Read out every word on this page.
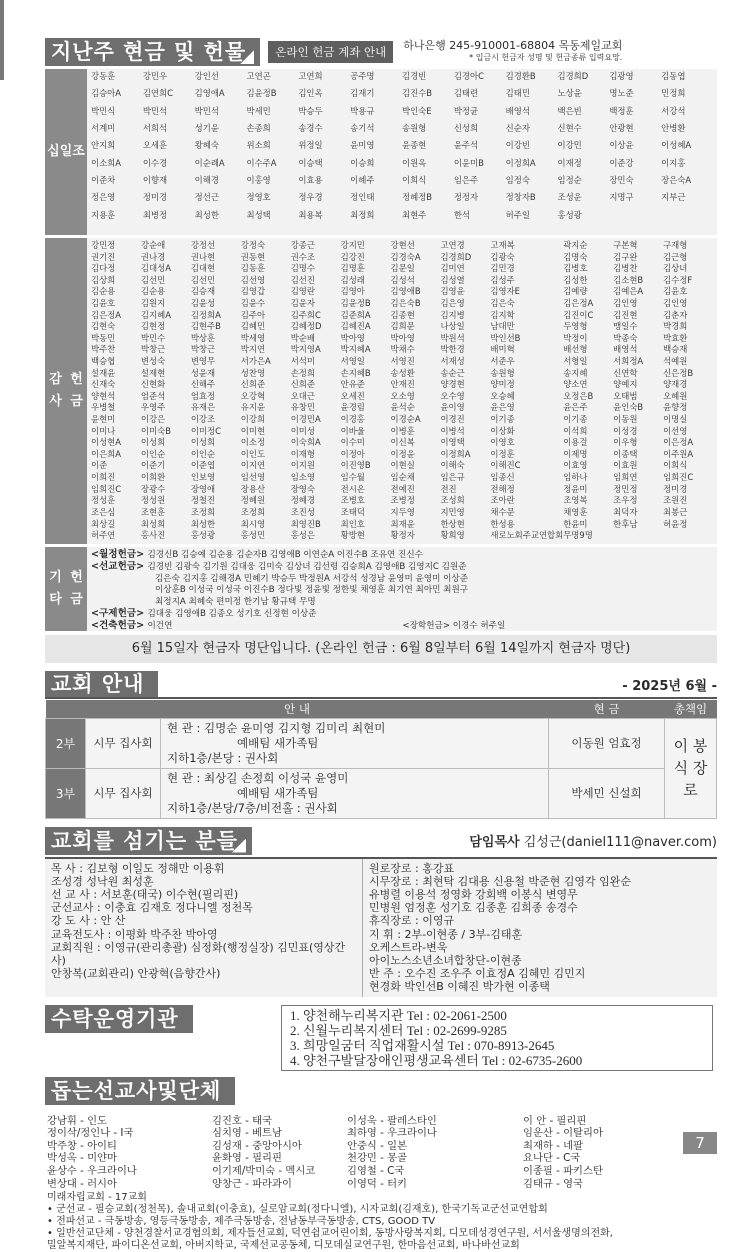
지난주 현금 및 헌물	온라인 헌금 계좌 안내	하나은행 245-910001-68804 목동제일교회
* 입금시 헌금자 성명 및 헌금종류 입력요망.
십일조
강동훈	강민우	강인선	고연곤	고연희	공주명	김경빈	김경아C	김경환B	김경희D	김광영	김동엽
김승아A	김연희C	김영애A	김윤정B	김인옥	김재기	김진수B	김태련	김태민	노상윤	명노준	민정희
박민식	박민석	박민석	박세민	박승두	박용규	박인숙E	박정균	배영석	백은빈	백정훈	서강석
서계미	서희석	성기윤	손종희	송경수	송기석	송원형	신성희	신순자	신현수	안광현	안병환
안지희	오세훈	왕혜숙	위소희	위정일	윤미영	윤종현	윤주석	이강빈	이강민	이상윤	이성혜A
이소희A	이수경	이순례A	이수주A	이승택	이승희	이원옥	이윤미B	이정희A	이재정	이준강	이지홍
이준차	이향재	이해경	이홍영	이효용	이혜주	이희식	임은주	임정숙	임정순	장민숙	장은숙A
정은영	정미경	정선근	정영호	정우경	정인태	정혜정B	정정자	정창자B	조성운	지명구	지부근
지용훈	최병정	최성한	최성택	최용복	최정희	최현주	한석	허주일	홍성광
감사
헌금
강민정	강순애	강정선	강정숙	강종근	강지민	강현선	고연경	고재복	곽지순	구본혁	구재형
권기진	권나경	권나현	권동현	권수조	김강진	김경숙A	김경희D	김광숙	김명숙	김구완	김근형
김다정	김대성A	김대현	김동훈	김명수	김명훈	김문일	김미연	김민경	김병호	김병찬	김상녀
김상희	김선민	김선민	김선영	김선진	김성래	김성석	김성열	김성주	김성한	김소현B	김수정F
김순용	김순용	김승재	김영갑	김영란	김영아	김영애B	김영윤	김영자E	김예량	김예은A	김윤호
김윤호	김원지	김윤성	김윤수	김윤자	김윤정B	김은숙B	김은영	김은숙	김은정A	김인영	김인영
김은정A	김지혜A	김정희A	김주아	김주희C	김준희A	김종현	김지병	김지학	김진이C	김진현	김춘자
김현숙	김현정	김현주B	김혜민	김혜정D	김혜진A	김희문	나상일	남대만	두영형	맹일수	박경희
박동민	박민수	박상훈	박세영	박순배	박아영	박아영	박원석	박인선B	박정이	박종숙	박효환
박주찬	박창근	박창근	박지연	박지영A	박지혜A	박채수	박한경	배미혁	배선형	배영석	백승재
백승협	변성숙	변영무	서가은A	서석미	서영일	서영진	서재성	서준우	서형일	서희정A	석예원
설재윤	설재현	성윤재	성찬영	손정희	손지혜B	송성환	송순근	송원형	송지혜	신연학	신은정B
신재숙	신현화	신해주	신희준	신희준	안유준	안재진	양경현	양미정	양소연	양예지	양재경
양현석	엄준석	엄효정	오강혁	오대근	오세진	오소영	오수영	오승혜	오정은B	오태범	오혜원
우병철	우영주	유재은	유지윤	유창민	윤경림	윤석순	윤이영	윤은영	윤은주	윤인숙B	윤향정
윤현미	이강은	이강조	이강희	이경민A	이경홍	이경순A	이경진	이기종	이기종	이동원	이명실
이미나	이미숙B	이미정C	이미현	이미성	이바울	이병훈	이병석	이상화	이석희	이성경	이선영
이성현A	이성희	이성희	이소정	이숙희A	이수미	이신복	이영택	이영호	이용걸	이우형	이은정A
이은희A	이인순	이인순	이인도	이재형	이정아	이정윤	이정희A	이정훈	이제명	이종택	이주원A
이준	이준기	이준엽	이지연	이지원	이진영B	이현실	이해숙	이해진C	이효영	이효원	이희식
이희진	이희환	인보영	임선영	임소영	임수월	임순채	임은규	임종신	임하나	임희연	임희진C
임희진C	장광수	장영애	장용산	장영숙	전시온	전예진	전진	전해정	정윤미	정민정	정미경
정성훈	정성원	정철진	정혜원	정혜경	조병호	조병정	조성희	조아란	조영복	조우정	조원진
조은심	조현훈	조정희	조정희	조진성	조태덕	지두영	지민영	채수문	채영훈	최덕자	최봉근
최상길	최성희	최성한	최시영	최영진B	최인호	최재윤	한상현	한성용	한윤미	한후남	허윤정
허주연	홍사진	홍성광	홍성민	홍성은	황방현	황정자	황희영	새로노회주교연합회 무명9명
기타
헌금
<월정헌금> 김경신B 김승예 김순용 김순자B 김영애B 이연순A 이진수B 조유연 진신수
<선교헌금> 김경빈 김광숙 김기원 김대웅 김미숙 김상녀 김선령 김승희A 김영애B 김영지C 김원준
김은숙 김지홍 김해경A 민혜기 박승두 박정원A 서강석 성경남 윤영미 윤영미 이상준
이상훈B 이성국 이성국 이진수B 정다빛 정윤빛 정한빛 채영훈 최기연 최아민 최원구
최정지A 최혜숙 편미정 한기남 황규택 무명
<구제헌금> 김대웅 김영애B 김종오 성기호 신정현 이상준
<건축헌금> 이건연	<장학헌금> 이경수 허주일
6월 15일자 현금자 명단입니다. (온라인 헌금 : 6월 8일부터 6월 14일까지 현금자 명단)
교회 안내	- 2025년 6월 -
안 내			현 금	총책임
2부	시무 집사회	현 관 : 김명순 윤미영 김지형 김미리 최현미
예배팀 새가족팀
지하1층/본당 : 권사회	이동원 엄효정	이 봉 식 장 로
3부	시무 집사회	현 관 : 최상길 손정희 이성국 윤영미
예배팀 새가족팀
지하1층/본당/7층/비전홀 : 권사회	박세민 신설희	
교회를 섬기는 분들	담임목사 김성근(daniel111@naver.com)
목 사 : 김보형 이일도 정해만 이용휘
조성경 성낙원 최성훈
선 교 사 : 서보훈(태국) 이수현(필리핀)
군선교사 : 이충효 김재호 정다니엘 정천목
강 도 사 : 안 산
교육전도사 : 이평화 박주찬 박아영
교회직원 : 이영규(관리총괄) 심정화(행정실장) 김민표(영상간사)
안창복(교회관리) 안광혁(음향간사)
원로장로 : 홍강표
시무장로 : 최현탁 김대용 신용철 박준현 김영각 임완순
유병렬 이용석 정영화 강회백 이봉식 변영무
민병원 엄정훈 성기호 김종훈 김희종 송경수
휴직장로 : 이영규
지 휘 : 2부-이현종 / 3부-김태훈
오케스트라-변욱
아이노스소년소녀합창단-이현종
반 주 : 오수진 조우주 이효정A 김혜민 김민지
현경화 박인선B 이혜진 박가현 이종택
수탁운영기관
돕는선교사및단체
1. 양천해누리복지관 Tel : 02-2061-2500
2. 신월누리복지센터 Tel : 02-2699-9285
3. 희망일굼터 직업재활시설 Tel : 070-8913-2645
4. 양천구발달장애인평생교육센터 Tel : 02-6735-2600
강남휘 - 인도	김진호 - 태국	이성욱 - 팔레스타인	이 안 - 필리핀
정이삭/정인나 - I국	심치영 - 베트남	최하영 - 우크라이나	임운산 - 이탈리아
박주창 - 아이티	김성재 - 중앙아시아	안중식 - 일본	최재하 - 네팔
박성옥 - 미얀마	윤화영 - 필리핀	천강민 - 몽골	요나단 - C국
윤상수 - 우크라이나	이기제/박미숙 - 멕시코	김영철 - C국	이종필 - 파키스탄
변상대 - 러시아	양창근 - 파라과이	이영덕 - 터키	김태규 - 영국
미래자립교회 - 17교회
• 군선교 - 필승교회(정천목), 솔내교회(이충효), 실로암교회(정다니엘), 시자교회(김재호), 한국기독교군선교연합회
• 전파선교 - 극동방송, 영등극동방송, 제주극동방송, 전남동부극동방송, CTS, GOOD TV
• 일반선교단체 - 양천경찰서교경협의회, 제자들선교회, 덕연쉼교어린이회, 동방사랑복지회, 디모데성경연구원, 서서울생명의전화,
밀알복지재단, 파이디온선교회, 아버지학교, 국제선교공동체, 디모데실교연구원, 한마음선교회, 바나바선교회
7
